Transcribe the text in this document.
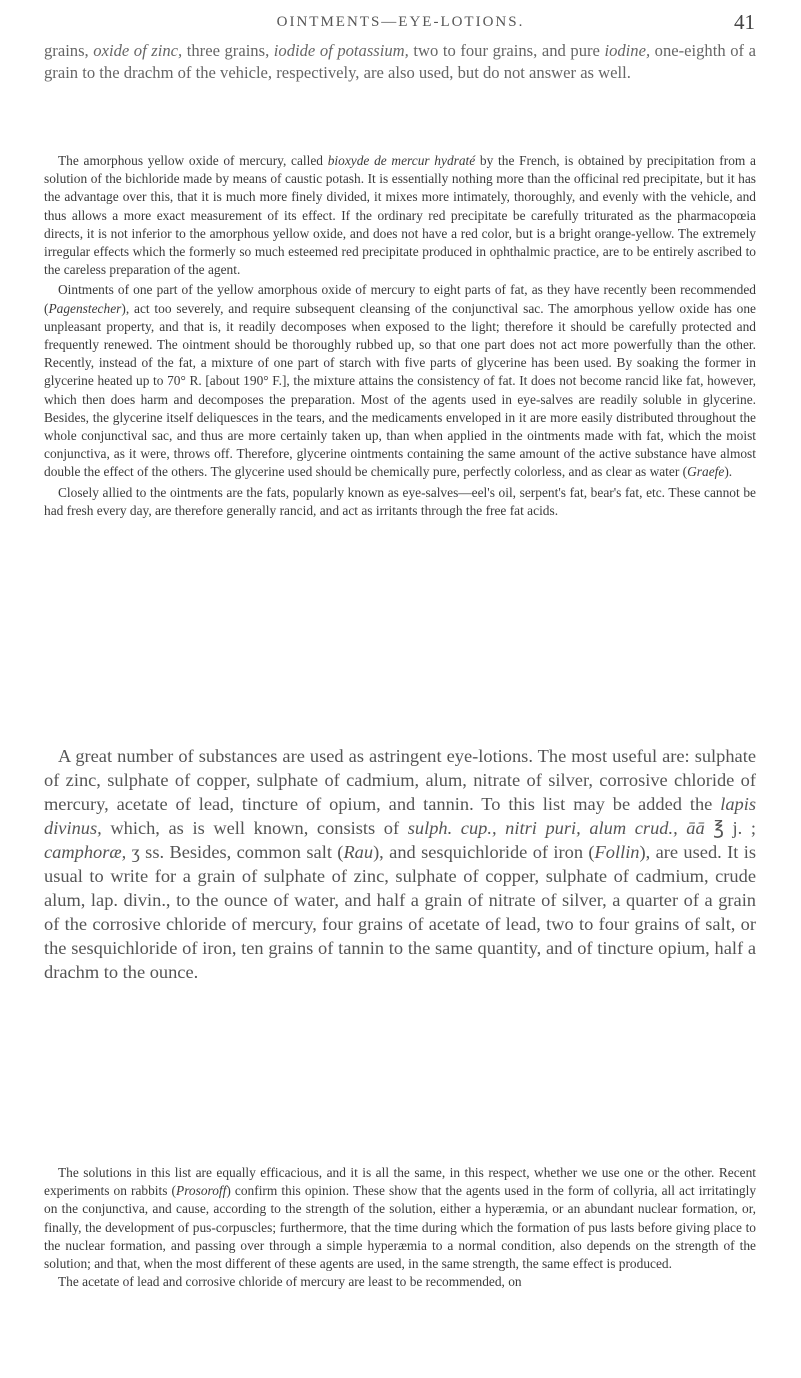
OINTMENTS—EYE-LOTIONS.	41

grains, oxide of zinc, three grains, iodide of potassium, two to four grains, and pure iodine, one-eighth of a grain to the drachm of the vehicle, respectively, are also used, but do not answer as well.

The amorphous yellow oxide of mercury, called bioxyde de mercur hydraté by the French, is obtained by precipitation from a solution of the bichloride made by means of caustic potash. It is essentially nothing more than the officinal red precipitate, but it has the advantage over this, that it is much more finely divided, it mixes more intimately, thoroughly, and evenly with the vehicle, and thus allows a more exact measurement of its effect. If the ordinary red precipitate be carefully triturated as the pharmacopœia directs, it is not inferior to the amorphous yellow oxide, and does not have a red color, but is a bright orange-yellow. The extremely irregular effects which the formerly so much esteemed red precipitate produced in ophthalmic practice, are to be entirely ascribed to the careless preparation of the agent.

Ointments of one part of the yellow amorphous oxide of mercury to eight parts of fat, as they have recently been recommended (Pagenstecher), act too severely, and require subsequent cleansing of the conjunctival sac. The amorphous yellow oxide has one unpleasant property, and that is, it readily decomposes when exposed to the light; therefore it should be carefully protected and frequently renewed. The ointment should be thoroughly rubbed up, so that one part does not act more powerfully than the other. Recently, instead of the fat, a mixture of one part of starch with five parts of glycerine has been used. By soaking the former in glycerine heated up to 70° R. [about 190° F.], the mixture attains the consistency of fat. It does not become rancid like fat, however, which then does harm and decomposes the preparation. Most of the agents used in eye-salves are readily soluble in glycerine. Besides, the glycerine itself deliquesces in the tears, and the medicaments enveloped in it are more easily distributed throughout the whole conjunctival sac, and thus are more certainly taken up, than when applied in the ointments made with fat, which the moist conjunctiva, as it were, throws off. Therefore, glycerine ointments containing the same amount of the active substance have almost double the effect of the others. The glycerine used should be chemically pure, perfectly colorless, and as clear as water (Graefe).

Closely allied to the ointments are the fats, popularly known as eye-salves—eel's oil, serpent's fat, bear's fat, etc. These cannot be had fresh every day, are therefore generally rancid, and act as irritants through the free fat acids.

A great number of substances are used as astringent eye-lotions. The most useful are: sulphate of zinc, sulphate of copper, sulphate of cadmium, alum, nitrate of silver, corrosive chloride of mercury, acetate of lead, tincture of opium, and tannin. To this list may be added the lapis divinus, which, as is well known, consists of sulph. cup., nitri puri, alum crud., āā ℥ j. ; camphoræ, ʒ ss. Besides, common salt (Rau), and sesquichloride of iron (Follin), are used. It is usual to write for a grain of sulphate of zinc, sulphate of copper, sulphate of cadmium, crude alum, lap. divin., to the ounce of water, and half a grain of nitrate of silver, a quarter of a grain of the corrosive chloride of mercury, four grains of acetate of lead, two to four grains of salt, or the sesquichloride of iron, ten grains of tannin to the same quantity, and of tincture opium, half a drachm to the ounce.

The solutions in this list are equally efficacious, and it is all the same, in this respect, whether we use one or the other. Recent experiments on rabbits (Prosoroff) confirm this opinion. These show that the agents used in the form of collyria, all act irritatingly on the conjunctiva, and cause, according to the strength of the solution, either a hyperæmia, or an abundant nuclear formation, or, finally, the development of pus-corpuscles; furthermore, that the time during which the formation of pus lasts before giving place to the nuclear formation, and passing over through a simple hyperæmia to a normal condition, also depends on the strength of the solution; and that, when the most different of these agents are used, in the same strength, the same effect is produced.

The acetate of lead and corrosive chloride of mercury are least to be recommended, on
